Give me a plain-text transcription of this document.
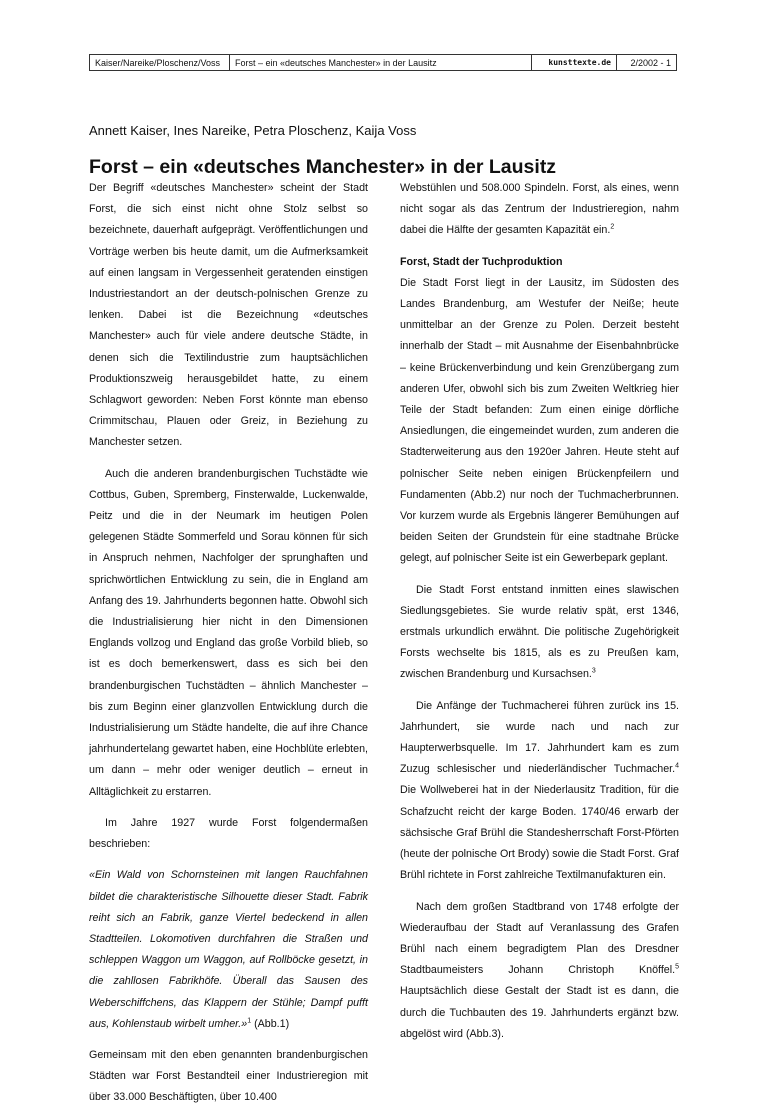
Kaiser/Nareike/Ploschenz/Voss	Forst – ein «deutsches Manchester» in der Lausitz	kunsttexte.de	2/2002 - 1
Annett Kaiser, Ines Nareike, Petra Ploschenz, Kaija Voss
Forst – ein «deutsches Manchester» in der Lausitz

Der Begriff «deutsches Manchester» scheint der Stadt Forst, die sich einst nicht ohne Stolz selbst so bezeichnete, dauerhaft aufgeprägt. Veröffentlichungen und Vorträge werben bis heute damit, um die Aufmerksamkeit auf einen langsam in Vergessenheit geratenden einstigen Industriestandort an der deutsch-polnischen Grenze zu lenken. Dabei ist die Bezeichnung «deutsches Manchester» auch für viele andere deutsche Städte, in denen sich die Textilindustrie zum hauptsächlichen Produktionszweig herausgebildet hatte, zu einem Schlagwort geworden: Neben Forst könnte man ebenso Crimmitschau, Plauen oder Greiz, in Beziehung zu Manchester setzen.

Auch die anderen brandenburgischen Tuchstädte wie Cottbus, Guben, Spremberg, Finsterwalde, Luckenwalde, Peitz und die in der Neumark im heutigen Polen gelegenen Städte Sommerfeld und Sorau können für sich in Anspruch nehmen, Nachfolger der sprunghaften und sprichwörtlichen Entwicklung zu sein, die in England am Anfang des 19. Jahrhunderts begonnen hatte. Obwohl sich die Industrialisierung hier nicht in den Dimensionen Englands vollzog und England das große Vorbild blieb, so ist es doch bemerkenswert, dass es sich bei den brandenburgischen Tuchstädten – ähnlich Manchester – bis zum Beginn einer glanzvollen Entwicklung durch die Industrialisierung um Städte handelte, die auf ihre Chance jahrhundertelang gewartet haben, eine Hochblüte erlebten, um dann – mehr oder weniger deutlich – erneut in Alltäglichkeit zu erstarren.

Im Jahre 1927 wurde Forst folgendermaßen beschrieben:

«Ein Wald von Schornsteinen mit langen Rauchfahnen bildet die charakteristische Silhouette dieser Stadt. Fabrik reiht sich an Fabrik, ganze Viertel bedeckend in allen Stadtteilen. Lokomotiven durchfahren die Straßen und schleppen Waggon um Waggon, auf Rollböcke gesetzt, in die zahllosen Fabrikhöfe. Überall das Sausen des Weberschiffchens, das Klappern der Stühle; Dampf pufft aus, Kohlenstaub wirbelt umher.»$^1$ (Abb.1)

Gemeinsam mit den eben genannten brandenburgischen Städten war Forst Bestandteil einer Industrieregion mit über 33.000 Beschäftigten, über 10.400

Webstühlen und 508.000 Spindeln. Forst, als eines, wenn nicht sogar als das Zentrum der Industrieregion, nahm dabei die Hälfte der gesamten Kapazität ein.$^2$

Forst, Stadt der Tuchproduktion

Die Stadt Forst liegt in der Lausitz, im Südosten des Landes Brandenburg, am Westufer der Neiße; heute unmittelbar an der Grenze zu Polen. Derzeit besteht innerhalb der Stadt – mit Ausnahme der Eisenbahnbrücke – keine Brückenverbindung und kein Grenzübergang zum anderen Ufer, obwohl sich bis zum Zweiten Weltkrieg hier Teile der Stadt befanden: Zum einen einige dörfliche Ansiedlungen, die eingemeindet wurden, zum anderen die Stadterweiterung aus den 1920er Jahren. Heute steht auf polnischer Seite neben einigen Brückenpfeilern und Fundamenten (Abb.2) nur noch der Tuchmacherbrunnen. Vor kurzem wurde als Ergebnis längerer Bemühungen auf beiden Seiten der Grundstein für eine stadtnahe Brücke gelegt, auf polnischer Seite ist ein Gewerbepark geplant.

Die Stadt Forst entstand inmitten eines slawischen Siedlungsgebietes. Sie wurde relativ spät, erst 1346, erstmals urkundlich erwähnt. Die politische Zugehörigkeit Forsts wechselte bis 1815, als es zu Preußen kam, zwischen Brandenburg und Kursachsen.$^3$

Die Anfänge der Tuchmacherei führen zurück ins 15. Jahrhundert, sie wurde nach und nach zur Haupterwerbsquelle. Im 17. Jahrhundert kam es zum Zuzug schlesischer und niederländischer Tuchmacher.$^4$ Die Wollweberei hat in der Niederlausitz Tradition, für die Schafzucht reicht der karge Boden. 1740/46 erwarb der sächsische Graf Brühl die Standesherrschaft Forst-Pförten (heute der polnische Ort Brody) sowie die Stadt Forst. Graf Brühl richtete in Forst zahlreiche Textilmanufakturen ein.

Nach dem großen Stadtbrand von 1748 erfolgte der Wiederaufbau der Stadt auf Veranlassung des Grafen Brühl nach einem begradigtem Plan des Dresdner Stadtbaumeisters Johann Christoph Knöffel.$^5$ Hauptsächlich diese Gestalt der Stadt ist es dann, die durch die Tuchbauten des 19. Jahrhunderts ergänzt bzw. abgelöst wird (Abb.3).
